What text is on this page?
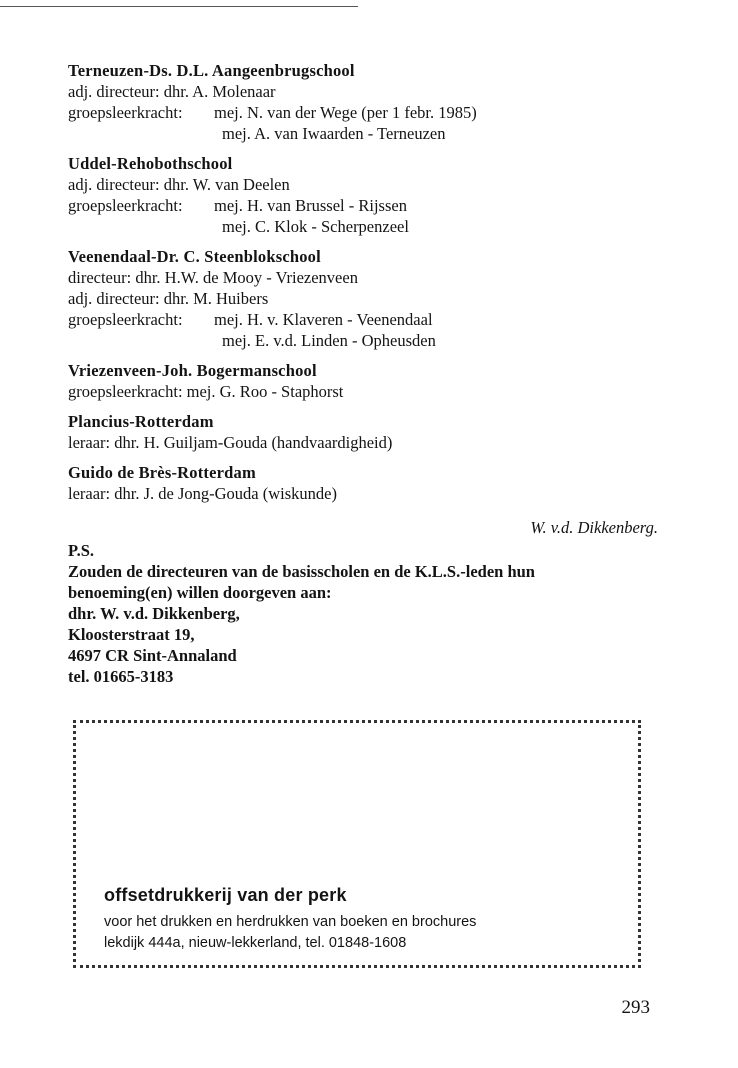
Terneuzen-Ds. D.L. Aangeenbrugschool
adj. directeur: dhr. A. Molenaar
groepsleerkracht:	mej. N. van der Wege (per 1 febr. 1985)
mej. A. van Iwaarden - Terneuzen
Uddel-Rehobothschool
adj. directeur: dhr. W. van Deelen
groepsleerkracht:	mej. H. van Brussel - Rijssen
mej. C. Klok - Scherpenzeel
Veenendaal-Dr. C. Steenblokschool
directeur: dhr. H.W. de Mooy - Vriezenveen
adj. directeur: dhr. M. Huibers
groepsleerkracht:	mej. H. v. Klaveren - Veenendaal
mej. E. v.d. Linden - Opheusden
Vriezenveen-Joh. Bogermanschool
groepsleerkracht: mej. G. Roo - Staphorst
Plancius-Rotterdam
leraar: dhr. H. Guiljam-Gouda (handvaardigheid)
Guido de Brès-Rotterdam
leraar: dhr. J. de Jong-Gouda (wiskunde)
W. v.d. Dikkenberg.
P.S.
Zouden de directeuren van de basisscholen en de K.L.S.-leden hun
benoeming(en) willen doorgeven aan:
dhr. W. v.d. Dikkenberg,
Kloosterstraat 19,
4697 CR Sint-Annaland
tel. 01665-3183
offsetdrukkerij van der perk
voor het drukken en herdrukken van boeken en brochures
lekdijk 444a, nieuw-lekkerland, tel. 01848-1608
293
